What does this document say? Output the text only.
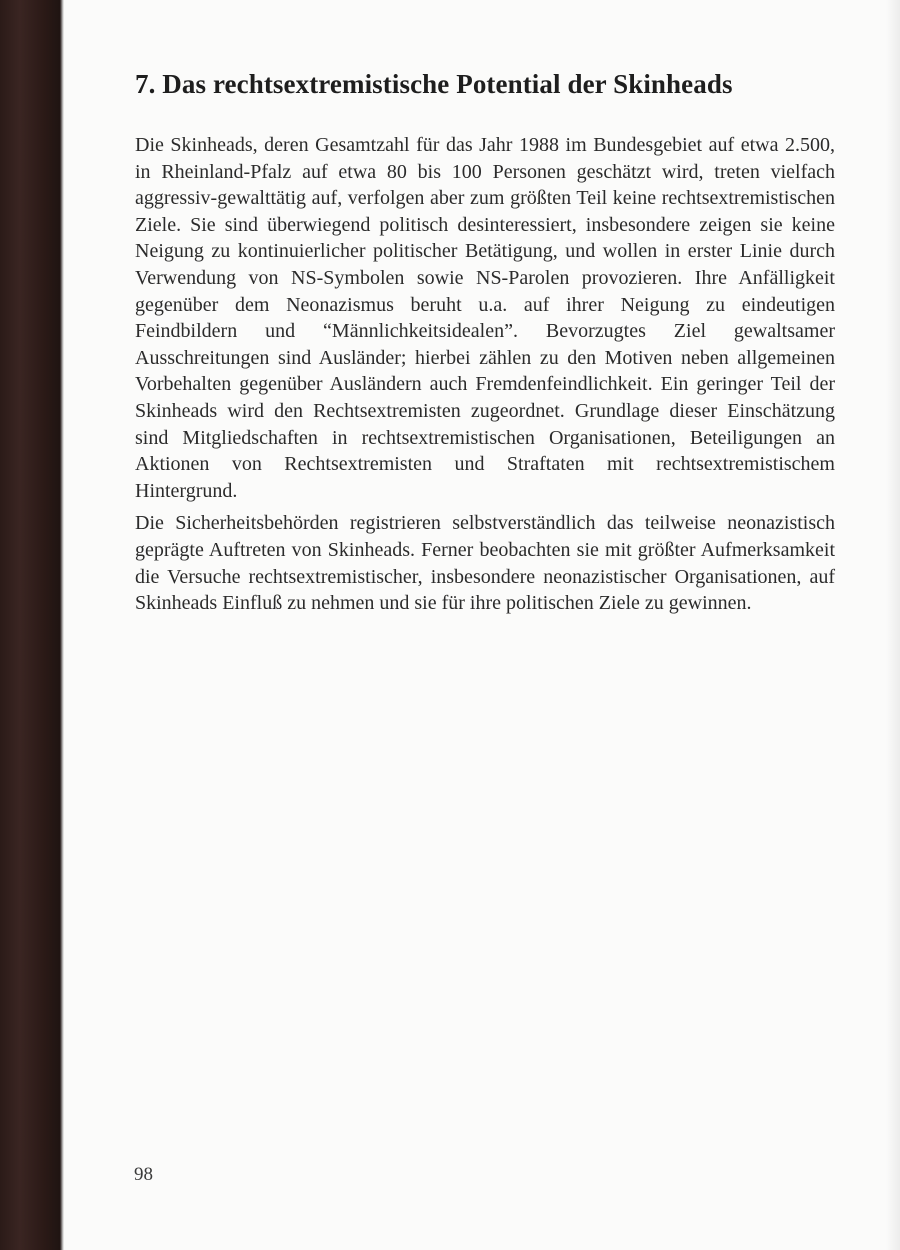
7. Das rechtsextremistische Potential der Skinheads

Die Skinheads, deren Gesamtzahl für das Jahr 1988 im Bundesgebiet auf etwa 2.500, in Rheinland-Pfalz auf etwa 80 bis 100 Personen geschätzt wird, treten vielfach aggressiv-gewalttätig auf, verfolgen aber zum größten Teil keine rechtsextremistischen Ziele. Sie sind überwiegend politisch desinteressiert, insbesondere zeigen sie keine Neigung zu kontinuierlicher politischer Betätigung, und wollen in erster Linie durch Verwendung von NS-Symbolen sowie NS-Parolen provozieren. Ihre Anfälligkeit gegenüber dem Neonazismus beruht u.a. auf ihrer Neigung zu eindeutigen Feindbildern und “Männlichkeitsidealen”. Bevorzugtes Ziel gewaltsamer Ausschreitungen sind Ausländer; hierbei zählen zu den Motiven neben allgemeinen Vorbehalten gegenüber Ausländern auch Fremdenfeindlichkeit. Ein geringer Teil der Skinheads wird den Rechtsextremisten zugeordnet. Grundlage dieser Einschätzung sind Mitgliedschaften in rechtsextremistischen Organisationen, Beteiligungen an Aktionen von Rechtsextremisten und Straftaten mit rechtsextremistischem Hintergrund.

Die Sicherheitsbehörden registrieren selbstverständlich das teilweise neonazistisch geprägte Auftreten von Skinheads. Ferner beobachten sie mit größter Aufmerksamkeit die Versuche rechtsextremistischer, insbesondere neonazistischer Organisationen, auf Skinheads Einfluß zu nehmen und sie für ihre politischen Ziele zu gewinnen.

98
